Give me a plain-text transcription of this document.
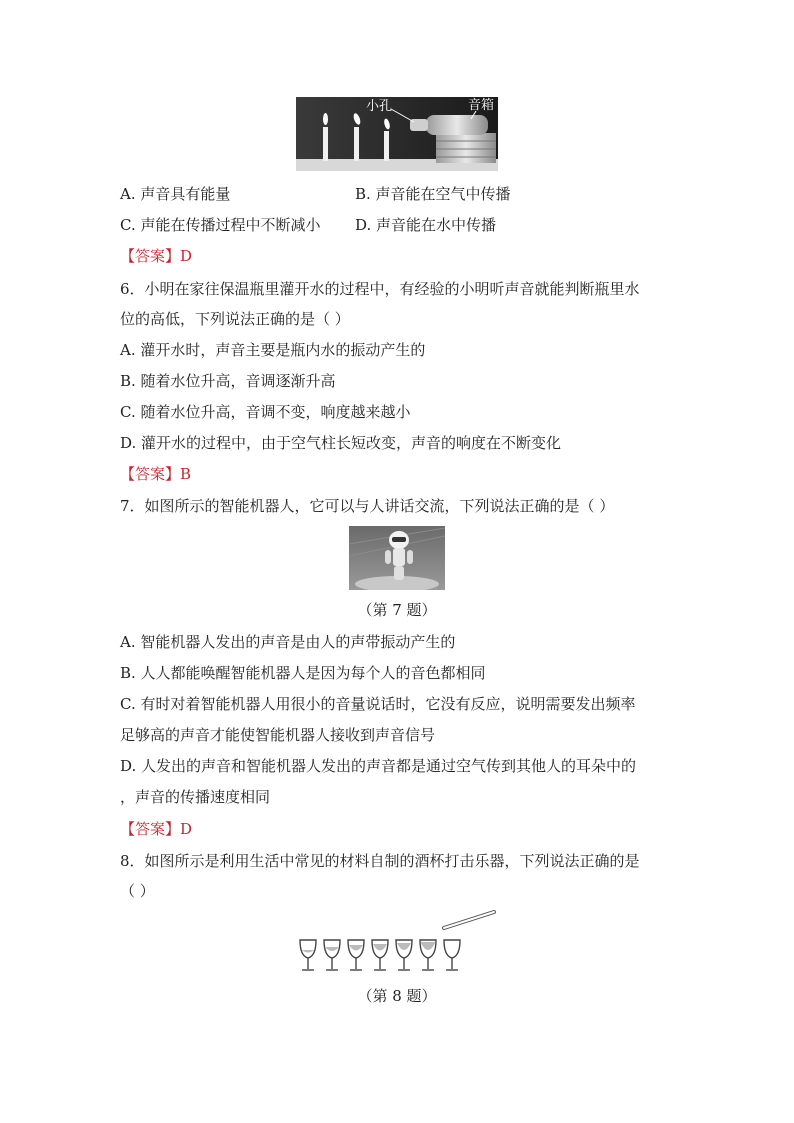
小孔	音箱
A. 声音具有能量	B. 声音能在空气中传播
C. 声能在传播过程中不断减小 D. 声音能在水中传播
【答案】D
6．小明在家往保温瓶里灌开水的过程中，有经验的小明听声音就能判断瓶里水
位的高低，下列说法正确的是（ ）
A. 灌开水时，声音主要是瓶内水的振动产生的
B. 随着水位升高，音调逐渐升高
C. 随着水位升高，音调不变，响度越来越小
D. 灌开水的过程中，由于空气柱长短改变，声音的响度在不断变化
【答案】B
7．如图所示的智能机器人，它可以与人讲话交流，下列说法正确的是（ ）
（第 7 题）
A. 智能机器人发出的声音是由人的声带振动产生的
B. 人人都能唤醒智能机器人是因为每个人的音色都相同
C. 有时对着智能机器人用很小的音量说话时，它没有反应，说明需要发出频率
足够高的声音才能使智能机器人接收到声音信号
D. 人发出的声音和智能机器人发出的声音都是通过空气传到其他人的耳朵中的
，声音的传播速度相同
【答案】D
8．如图所示是利用生活中常见的材料自制的酒杯打击乐器，下列说法正确的是
（ ）
（第 8 题）
